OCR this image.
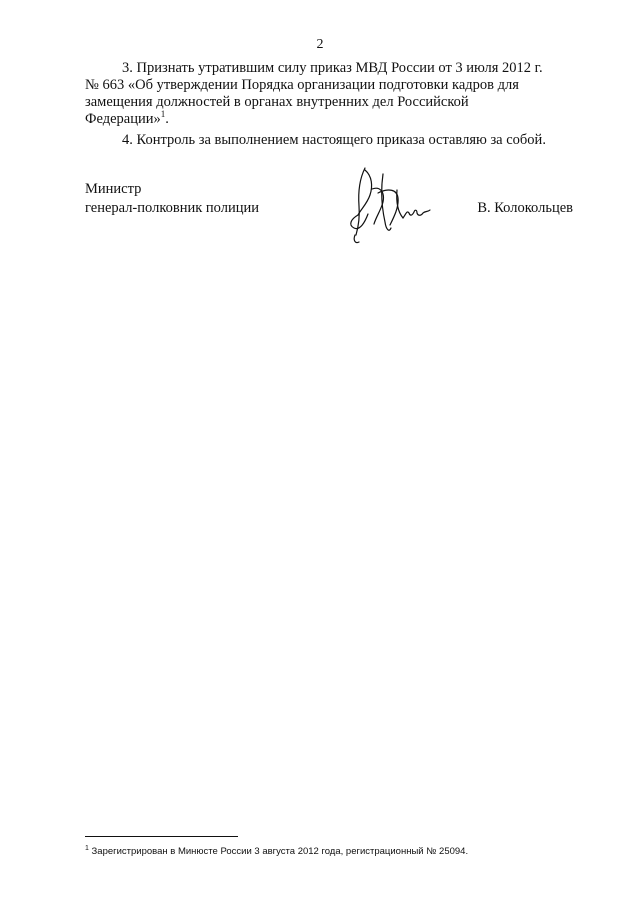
2
3. Признать утратившим силу приказ МВД России от 3 июля 2012 г.
№ 663 «Об утверждении Порядка организации подготовки кадров для
замещения должностей в органах внутренних дел Российской
Федерации»$^1$.
4. Контроль за выполнением настоящего приказа оставляю за собой.
Министр
генерал-полковник полиции	В. Колокольцев
$^1$ Зарегистрирован в Минюсте России 3 августа 2012 года, регистрационный № 25094.
